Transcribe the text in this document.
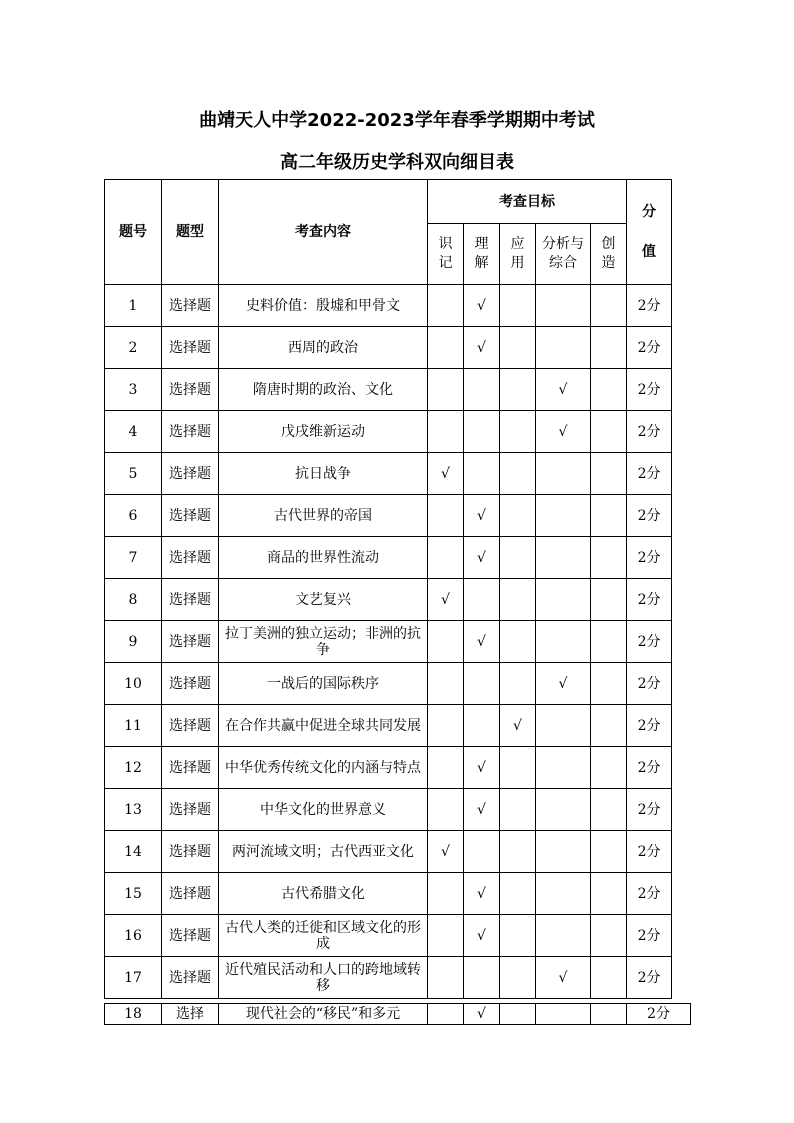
曲靖天人中学2022-2023学年春季学期期中考试
高二年级历史学科双向细目表
题号	题型	考查内容	考查目标					分
值

			识记	理解	应用	分析与综合	创造	
1	选择题	史料价值：殷墟和甲骨文		√				2分
2	选择题	西周的政治		√				2分
3	选择题	隋唐时期的政治、文化				√		2分
4	选择题	戊戌维新运动				√		2分
5	选择题	抗日战争	√					2分
6	选择题	古代世界的帝国		√				2分
7	选择题	商品的世界性流动		√				2分
8	选择题	文艺复兴	√					2分
9	选择题	拉丁美洲的独立运动；非洲的抗争		√				2分
10	选择题	一战后的国际秩序				√		2分
11	选择题	在合作共赢中促进全球共同发展			√			2分
12	选择题	中华优秀传统文化的内涵与特点		√				2分
13	选择题	中华文化的世界意义		√				2分
14	选择题	两河流域文明；古代西亚文化	√					2分
15	选择题	古代希腊文化		√				2分
16	选择题	古代人类的迁徙和区域文化的形成		√				2分
17	选择题	近代殖民活动和人口的跨地域转移				√		2分
18	选择	现代社会的“移民”和多元		√				2分
